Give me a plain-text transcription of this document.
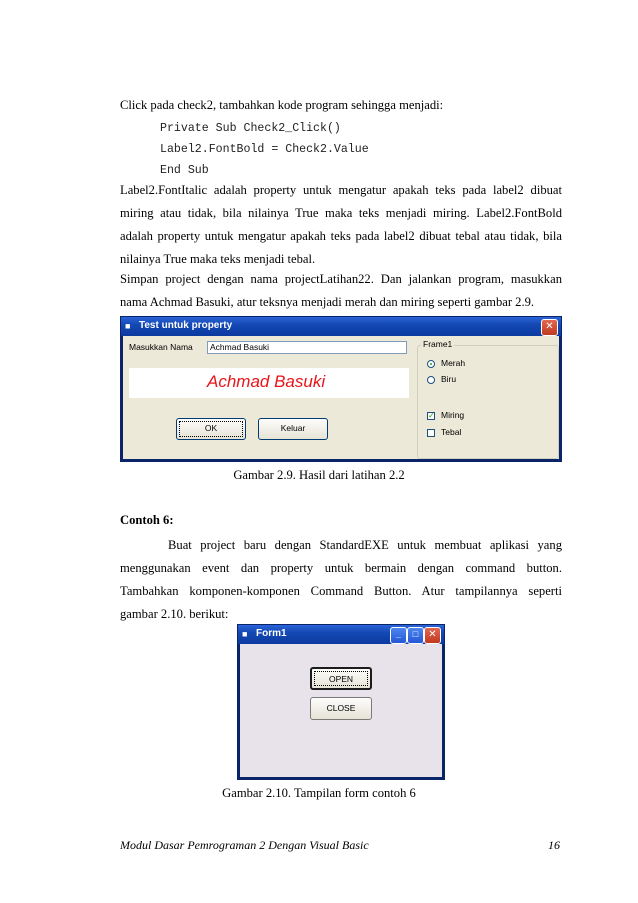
Click pada check2, tambahkan kode program sehingga menjadi:
Private Sub Check2_Click()
Label2.FontBold = Check2.Value
End Sub
Label2.FontItalic adalah property untuk mengatur apakah teks pada label2 dibuat
miring atau tidak, bila nilainya True maka teks menjadi miring. Label2.FontBold
adalah property untuk mengatur apakah teks pada label2 dibuat tebal atau tidak, bila
nilainya True maka teks menjadi tebal.
Simpan project dengan nama projectLatihan22. Dan jalankan program, masukkan
nama Achmad Basuki, atur teksnya menjadi merah dan miring seperti gambar 2.9.
■ Test untuk property	✕
Masukkan Nama	Achmad Basuki
Achmad Basuki
OK	Keluar
Frame1
Merah
Biru
✓ Miring
Tebal
Gambar 2.9. Hasil dari latihan 2.2
Contoh 6:
Buat project baru dengan StandardEXE untuk membuat aplikasi yang
menggunakan event dan property untuk bermain dengan command button.
Tambahkan komponen-komponen Command Button. Atur tampilannya seperti
gambar 2.10. berikut:
■ Form1	_	□	✕
OPEN
CLOSE
Gambar 2.10. Tampilan form contoh 6
Modul Dasar Pemrograman 2 Dengan Visual Basic	16
